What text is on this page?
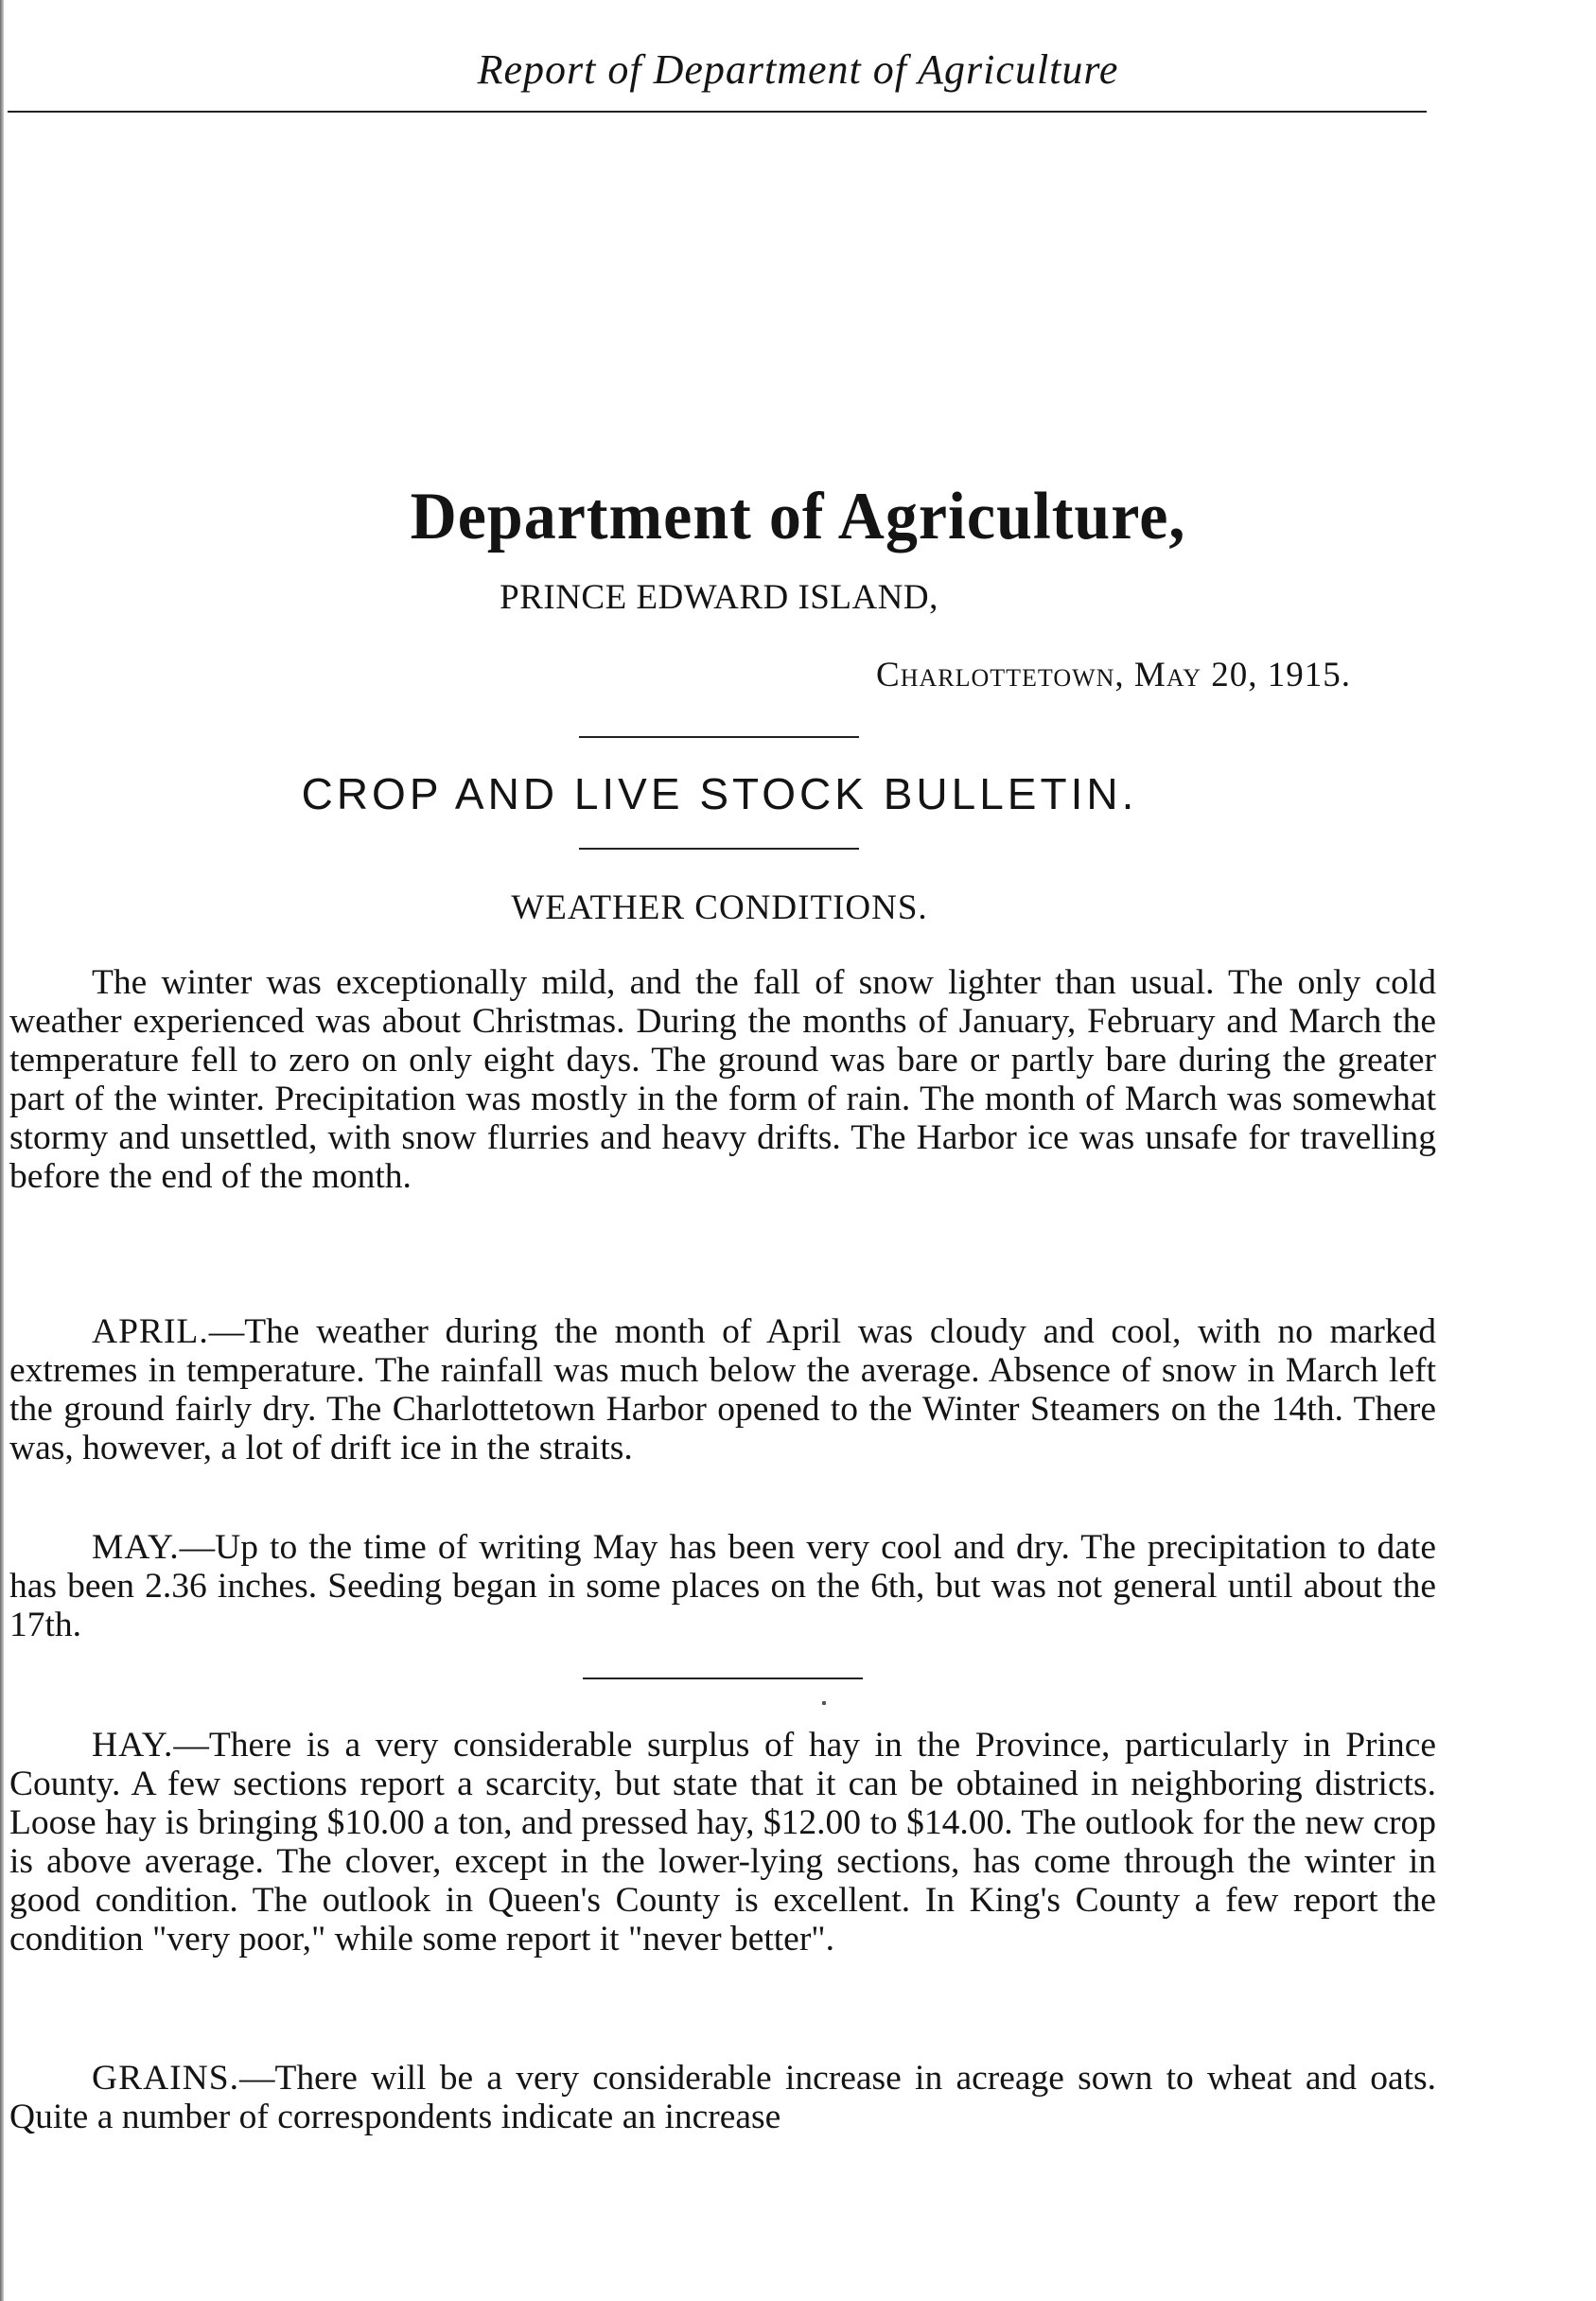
Report of Department of Agriculture
Department of Agriculture,
PRINCE EDWARD ISLAND,
Charlottetown, May 20, 1915.
CROP AND LIVE STOCK BULLETIN.
WEATHER CONDITIONS.

The winter was exceptionally mild, and the fall of snow lighter than usual. The only cold weather experienced was about Christmas. During the months of January, February and March the temperature fell to zero on only eight days. The ground was bare or partly bare during the greater part of the winter. Precipitation was mostly in the form of rain. The month of March was somewhat stormy and unsettled, with snow flurries and heavy drifts. The Harbor ice was unsafe for travelling before the end of the month.

APRIL.—The weather during the month of April was cloudy and cool, with no marked extremes in temperature. The rainfall was much below the average. Absence of snow in March left the ground fairly dry. The Charlottetown Harbor opened to the Winter Steamers on the 14th. There was, however, a lot of drift ice in the straits.

MAY.—Up to the time of writing May has been very cool and dry. The precipitation to date has been 2.36 inches. Seeding began in some places on the 6th, but was not general until about the 17th.

HAY.—There is a very considerable surplus of hay in the Province, particularly in Prince County. A few sections report a scarcity, but state that it can be obtained in neighboring districts. Loose hay is bringing $10.00 a ton, and pressed hay, $12.00 to $14.00. The outlook for the new crop is above average. The clover, except in the lower-lying sections, has come through the winter in good condition. The outlook in Queen's County is excellent. In King's County a few report the condition "very poor," while some report it "never better".

GRAINS.—There will be a very considerable increase in acreage sown to wheat and oats. Quite a number of correspondents indicate an increase
